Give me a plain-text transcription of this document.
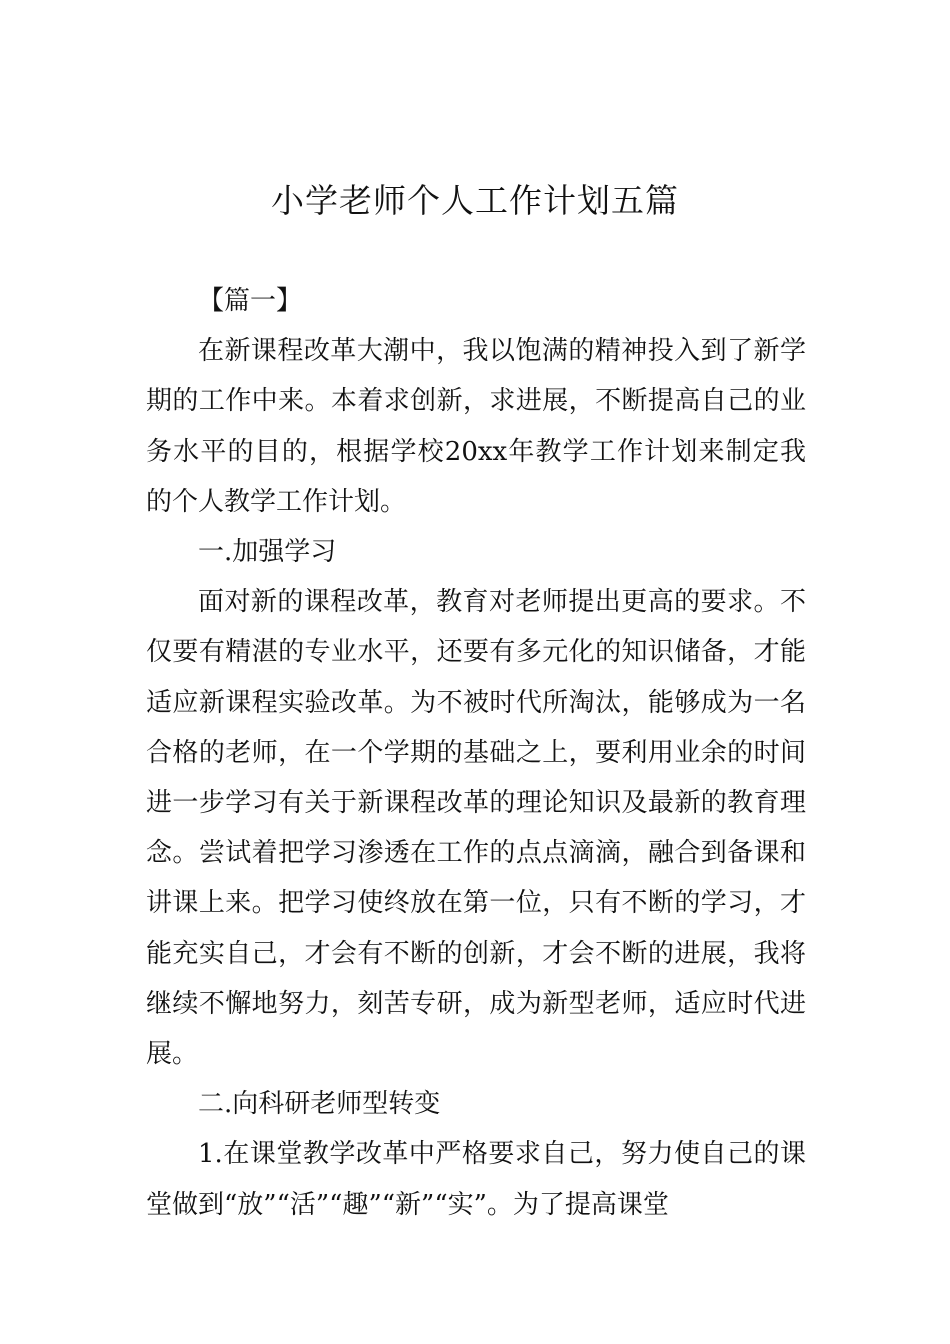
小学老师个人工作计划五篇

【篇一】

在新课程改革大潮中，我以饱满的精神投入到了新学期的工作中来。本着求创新，求进展，不断提高自己的业务水平的目的，根据学校20xx年教学工作计划来制定我的个人教学工作计划。

一.加强学习

面对新的课程改革，教育对老师提出更高的要求。不仅要有精湛的专业水平，还要有多元化的知识储备，才能适应新课程实验改革。为不被时代所淘汰，能够成为一名合格的老师，在一个学期的基础之上，要利用业余的时间进一步学习有关于新课程改革的理论知识及最新的教育理念。尝试着把学习渗透在工作的点点滴滴，融合到备课和讲课上来。把学习使终放在第一位，只有不断的学习，才能充实自己，才会有不断的创新，才会不断的进展，我将继续不懈地努力，刻苦专研，成为新型老师，适应时代进展。

二.向科研老师型转变

1.在课堂教学改革中严格要求自己，努力使自己的课堂做到“放”“活”“趣”“新”“实”。为了提高课堂
